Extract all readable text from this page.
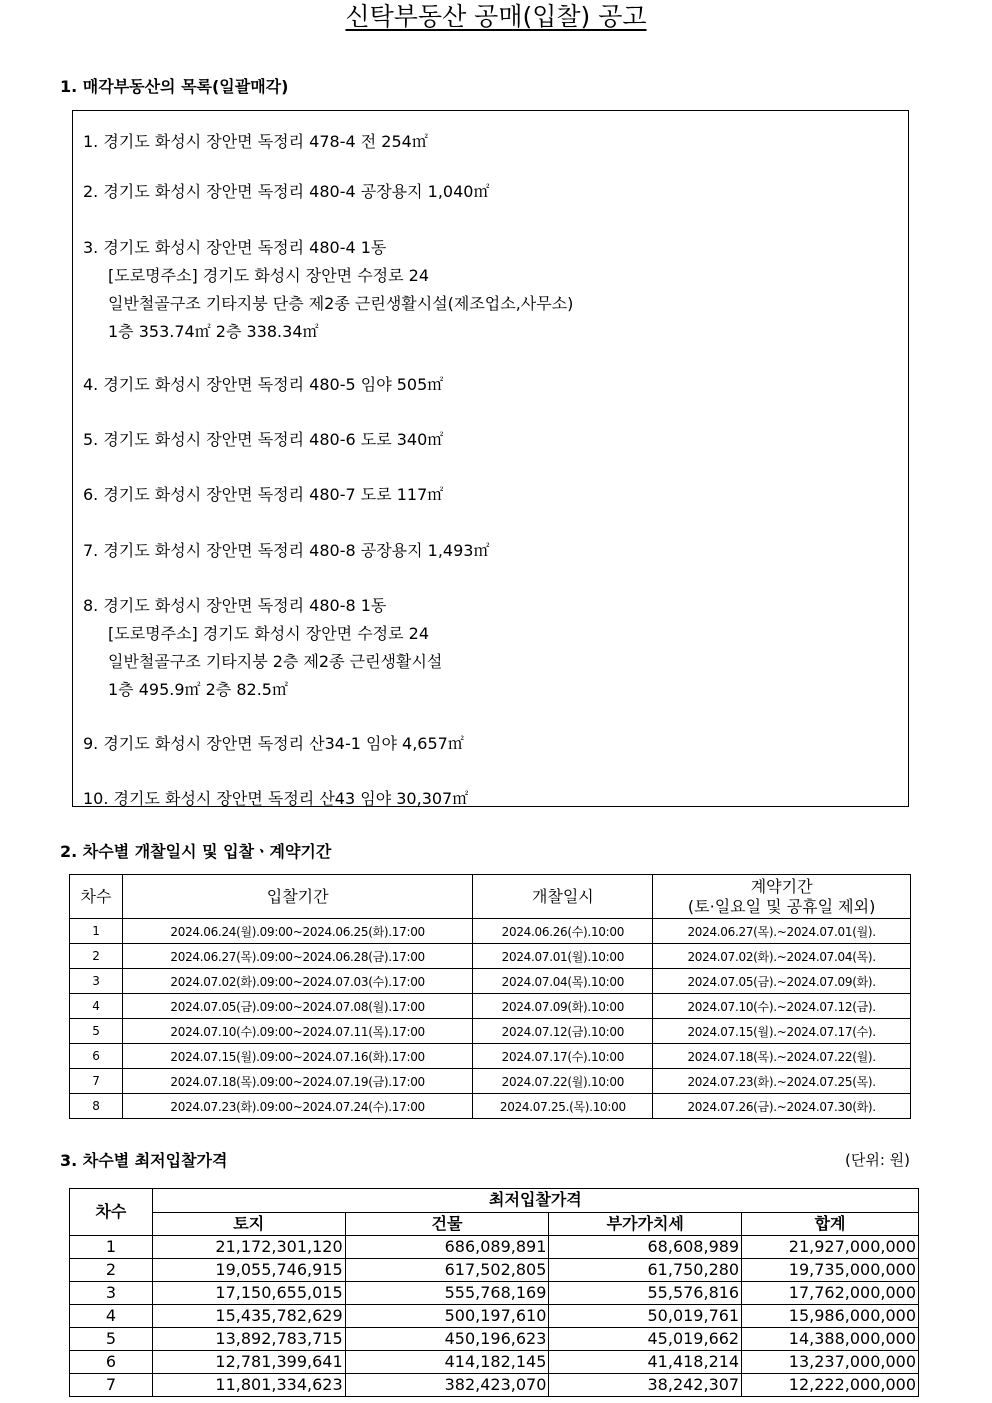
신탁부동산 공매(입찰) 공고
1. 매각부동산의 목록(일괄매각)
1. 경기도 화성시 장안면 독정리 478-4 전 254㎡
2. 경기도 화성시 장안면 독정리 480-4 공장용지 1,040㎡
3. 경기도 화성시 장안면 독정리 480-4 1동
[도로명주소] 경기도 화성시 장안면 수정로 24
일반철골구조 기타지붕 단층 제2종 근린생활시설(제조업소,사무소)
1층 353.74㎡ 2층 338.34㎡
4. 경기도 화성시 장안면 독정리 480-5 임야 505㎡
5. 경기도 화성시 장안면 독정리 480-6 도로 340㎡
6. 경기도 화성시 장안면 독정리 480-7 도로 117㎡
7. 경기도 화성시 장안면 독정리 480-8 공장용지 1,493㎡
8. 경기도 화성시 장안면 독정리 480-8 1동
[도로명주소] 경기도 화성시 장안면 수정로 24
일반철골구조 기타지붕 2층 제2종 근린생활시설
1층 495.9㎡ 2층 82.5㎡
9. 경기도 화성시 장안면 독정리 산34-1 임야 4,657㎡
10. 경기도 화성시 장안면 독정리 산43 임야 30,307㎡
2. 차수별 개찰일시 및 입찰ㆍ계약기간
차수	입찰기간	개찰일시	계약기간
(토·일요일 및 공휴일 제외)

1	2024.06.24(월).09:00~2024.06.25(화).17:00	2024.06.26(수).10:00	2024.06.27(목).~2024.07.01(월).
2	2024.06.27(목).09:00~2024.06.28(금).17:00	2024.07.01(월).10:00	2024.07.02(화).~2024.07.04(목).
3	2024.07.02(화).09:00~2024.07.03(수).17:00	2024.07.04(목).10:00	2024.07.05(금).~2024.07.09(화).
4	2024.07.05(금).09:00~2024.07.08(월).17:00	2024.07.09(화).10:00	2024.07.10(수).~2024.07.12(금).
5	2024.07.10(수).09:00~2024.07.11(목).17:00	2024.07.12(금).10:00	2024.07.15(월).~2024.07.17(수).
6	2024.07.15(월).09:00~2024.07.16(화).17:00	2024.07.17(수).10:00	2024.07.18(목).~2024.07.22(월).
7	2024.07.18(목).09:00~2024.07.19(금).17:00	2024.07.22(월).10:00	2024.07.23(화).~2024.07.25(목).
8	2024.07.23(화).09:00~2024.07.24(수).17:00	2024.07.25.(목).10:00	2024.07.26(금).~2024.07.30(화).
3. 차수별 최저입찰가격	(단위: 원)
차수	최저입찰가격			
	토지	건물	부가가치세	합계
1	21,172,301,120	686,089,891	68,608,989	21,927,000,000
2	19,055,746,915	617,502,805	61,750,280	19,735,000,000
3	17,150,655,015	555,768,169	55,576,816	17,762,000,000
4	15,435,782,629	500,197,610	50,019,761	15,986,000,000
5	13,892,783,715	450,196,623	45,019,662	14,388,000,000
6	12,781,399,641	414,182,145	41,418,214	13,237,000,000
7	11,801,334,623	382,423,070	38,242,307	12,222,000,000
